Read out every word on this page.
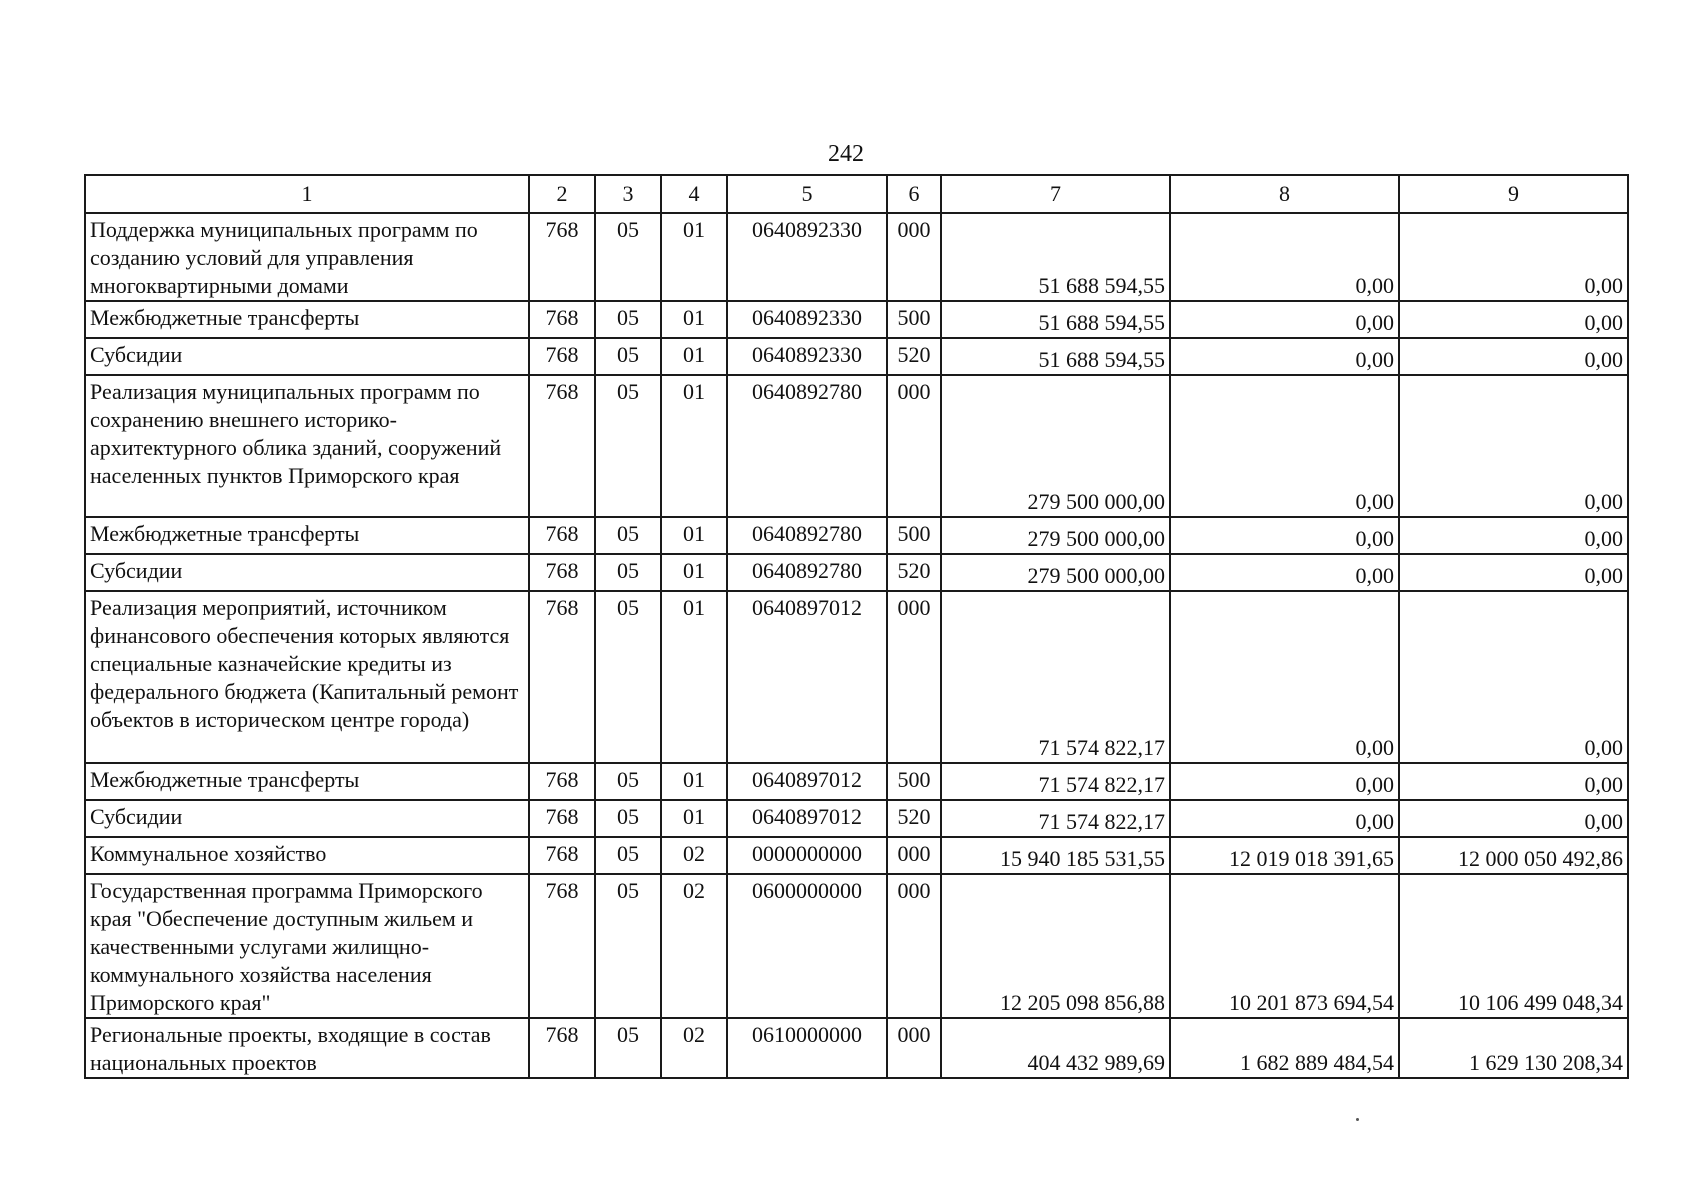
242
1	2	3	4	5	6	7	8	9
Поддержка муниципальных программ по созданию условий для управления многоквартирными домами	768	05	01	0640892330	000	51 688 594,55	0,00	0,00
Межбюджетные трансферты	768	05	01	0640892330	500	51 688 594,55	0,00	0,00
Субсидии	768	05	01	0640892330	520	51 688 594,55	0,00	0,00
Реализация муниципальных программ по сохранению внешнего историко-архитектурного облика зданий, сооружений населенных пунктов Приморского края	768	05	01	0640892780	000	279 500 000,00	0,00	0,00
Межбюджетные трансферты	768	05	01	0640892780	500	279 500 000,00	0,00	0,00
Субсидии	768	05	01	0640892780	520	279 500 000,00	0,00	0,00
Реализация мероприятий, источником финансового обеспечения которых являются специальные казначейские кредиты из федерального бюджета (Капитальный ремонт объектов в историческом центре города)	768	05	01	0640897012	000	71 574 822,17	0,00	0,00
Межбюджетные трансферты	768	05	01	0640897012	500	71 574 822,17	0,00	0,00
Субсидии	768	05	01	0640897012	520	71 574 822,17	0,00	0,00
Коммунальное хозяйство	768	05	02	0000000000	000	15 940 185 531,55	12 019 018 391,65	12 000 050 492,86
Государственная программа Приморского края "Обеспечение доступным жильем и качественными услугами жилищно-коммунального хозяйства населения Приморского края"	768	05	02	0600000000	000	12 205 098 856,88	10 201 873 694,54	10 106 499 048,34
Региональные проекты, входящие в состав национальных проектов	768	05	02	0610000000	000	404 432 989,69	1 682 889 484,54	1 629 130 208,34
